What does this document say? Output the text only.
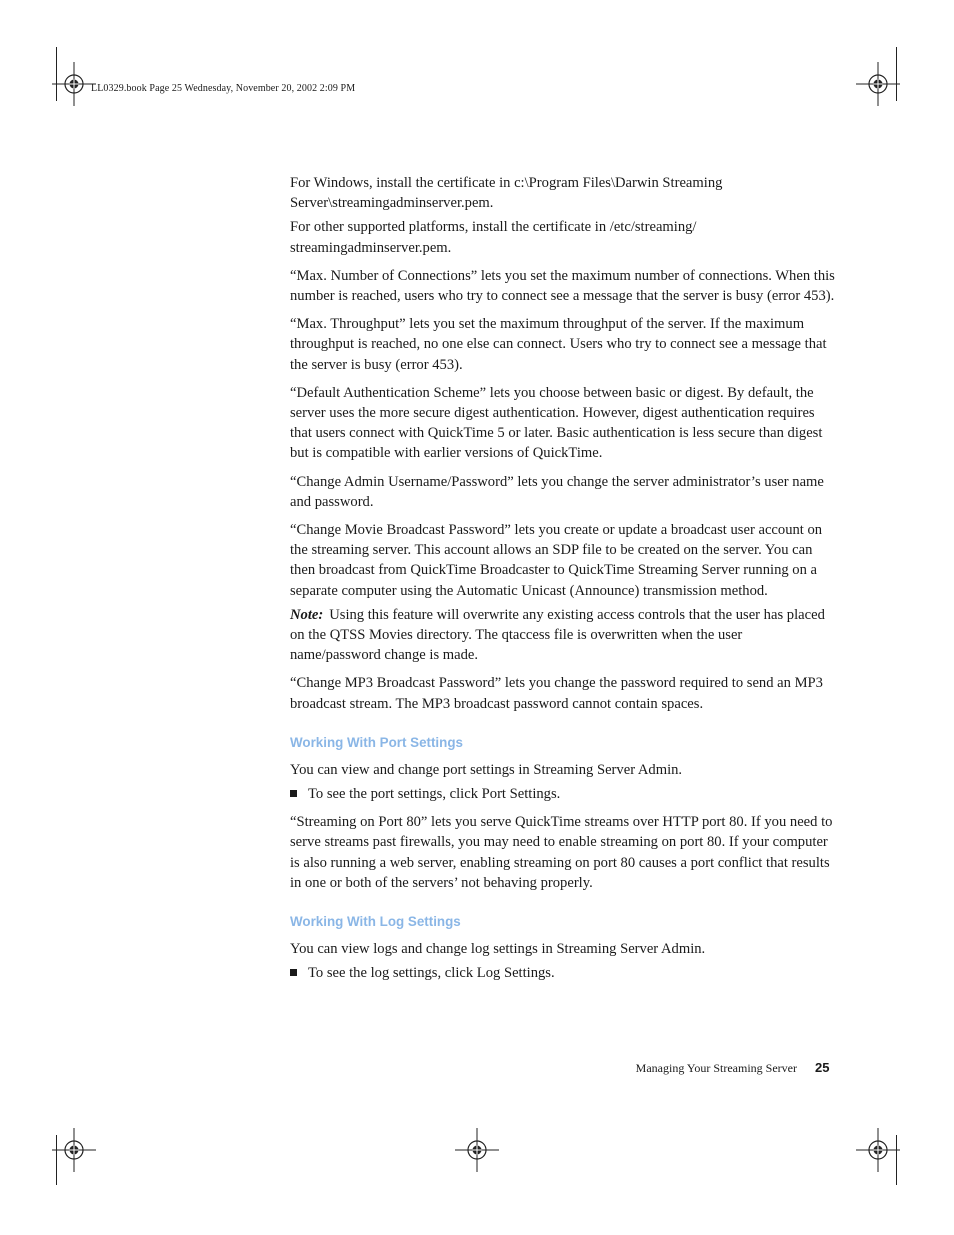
LL0329.book Page 25 Wednesday, November 20, 2002 2:09 PM

For Windows, install the certificate in c:\Program Files\Darwin Streaming Server\streamingadminserver.pem.

For other supported platforms, install the certificate in /etc/streaming/ streamingadminserver.pem.

“Max. Number of Connections” lets you set the maximum number of connections. When this number is reached, users who try to connect see a message that the server is busy (error 453).

“Max. Throughput” lets you set the maximum throughput of the server. If the maximum throughput is reached, no one else can connect. Users who try to connect see a message that the server is busy (error 453).

“Default Authentication Scheme” lets you choose between basic or digest. By default, the server uses the more secure digest authentication. However, digest authentication requires that users connect with QuickTime 5 or later. Basic authentication is less secure than digest but is compatible with earlier versions of QuickTime.

“Change Admin Username/Password” lets you change the server administrator’s user name and password.

“Change Movie Broadcast Password” lets you create or update a broadcast user account on the streaming server. This account allows an SDP file to be created on the server. You can then broadcast from QuickTime Broadcaster to QuickTime Streaming Server running on a separate computer using the Automatic Unicast (Announce) transmission method.

Note: Using this feature will overwrite any existing access controls that the user has placed on the QTSS Movies directory. The qtaccess file is overwritten when the user name/password change is made.

“Change MP3 Broadcast Password” lets you change the password required to send an MP3 broadcast stream. The MP3 broadcast password cannot contain spaces.

Working With Port Settings

You can view and change port settings in Streaming Server Admin.

To see the port settings, click Port Settings.

“Streaming on Port 80” lets you serve QuickTime streams over HTTP port 80. If you need to serve streams past firewalls, you may need to enable streaming on port 80. If your computer is also running a web server, enabling streaming on port 80 causes a port conflict that results in one or both of the servers’ not behaving properly.

Working With Log Settings

You can view logs and change log settings in Streaming Server Admin.

To see the log settings, click Log Settings.
Managing Your Streaming Server 25
